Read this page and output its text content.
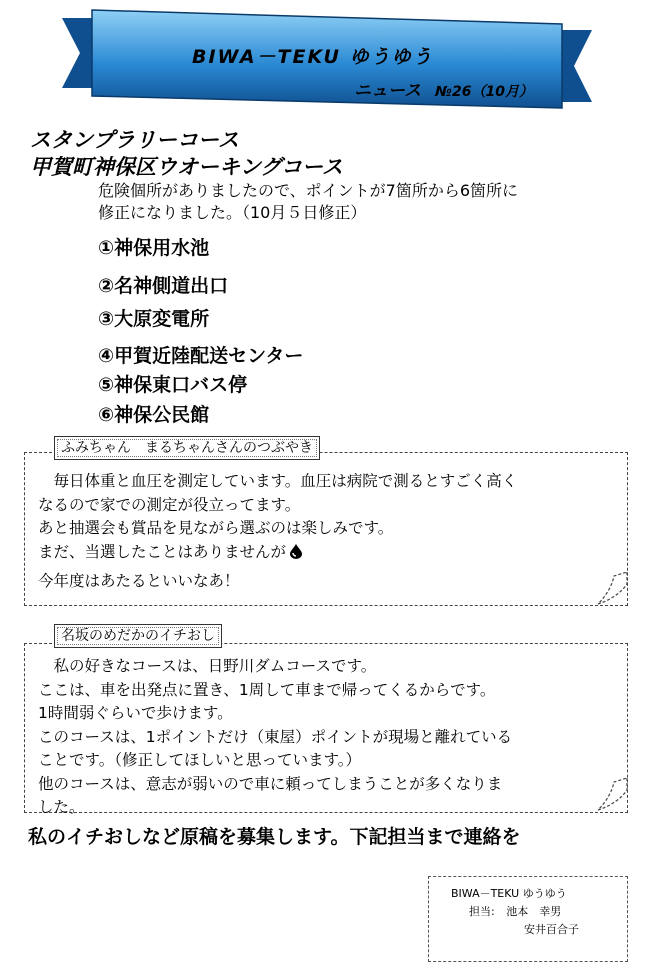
BIWA－TEKU ゆうゆう
ニュース №26（10月）
スタンプラリーコース
甲賀町神保区ウオーキングコース
危険個所がありましたので、ポイントが7箇所から6箇所に
修正になりました。（10月５日修正）
①神保用水池
②名神側道出口
③大原変電所
④甲賀近陸配送センター
⑤神保東口バス停
⑥神保公民館
ふみちゃん　まるちゃんさんのつぶやき
　毎日体重と血圧を測定しています。血圧は病院で測るとすごく高く
なるので家での測定が役立ってます。
あと抽選会も賞品を見ながら選ぶのは楽しみです。
まだ、当選したことはありませんが
今年度はあたるといいなあ！
名坂のめだかのイチおし
　私の好きなコースは、日野川ダムコースです。
ここは、車を出発点に置き、1周して車まで帰ってくるからです。
1時間弱ぐらいで歩けます。
このコースは、1ポイントだけ（東屋）ポイントが現場と離れている
ことです。（修正してほしいと思っています。）
他のコースは、意志が弱いので車に頼ってしまうことが多くなりま
した。
私のイチおしなど原稿を募集します。下記担当まで連絡を
BIWA－TEKU ゆうゆう
担当: 池本　幸男
安井百合子
